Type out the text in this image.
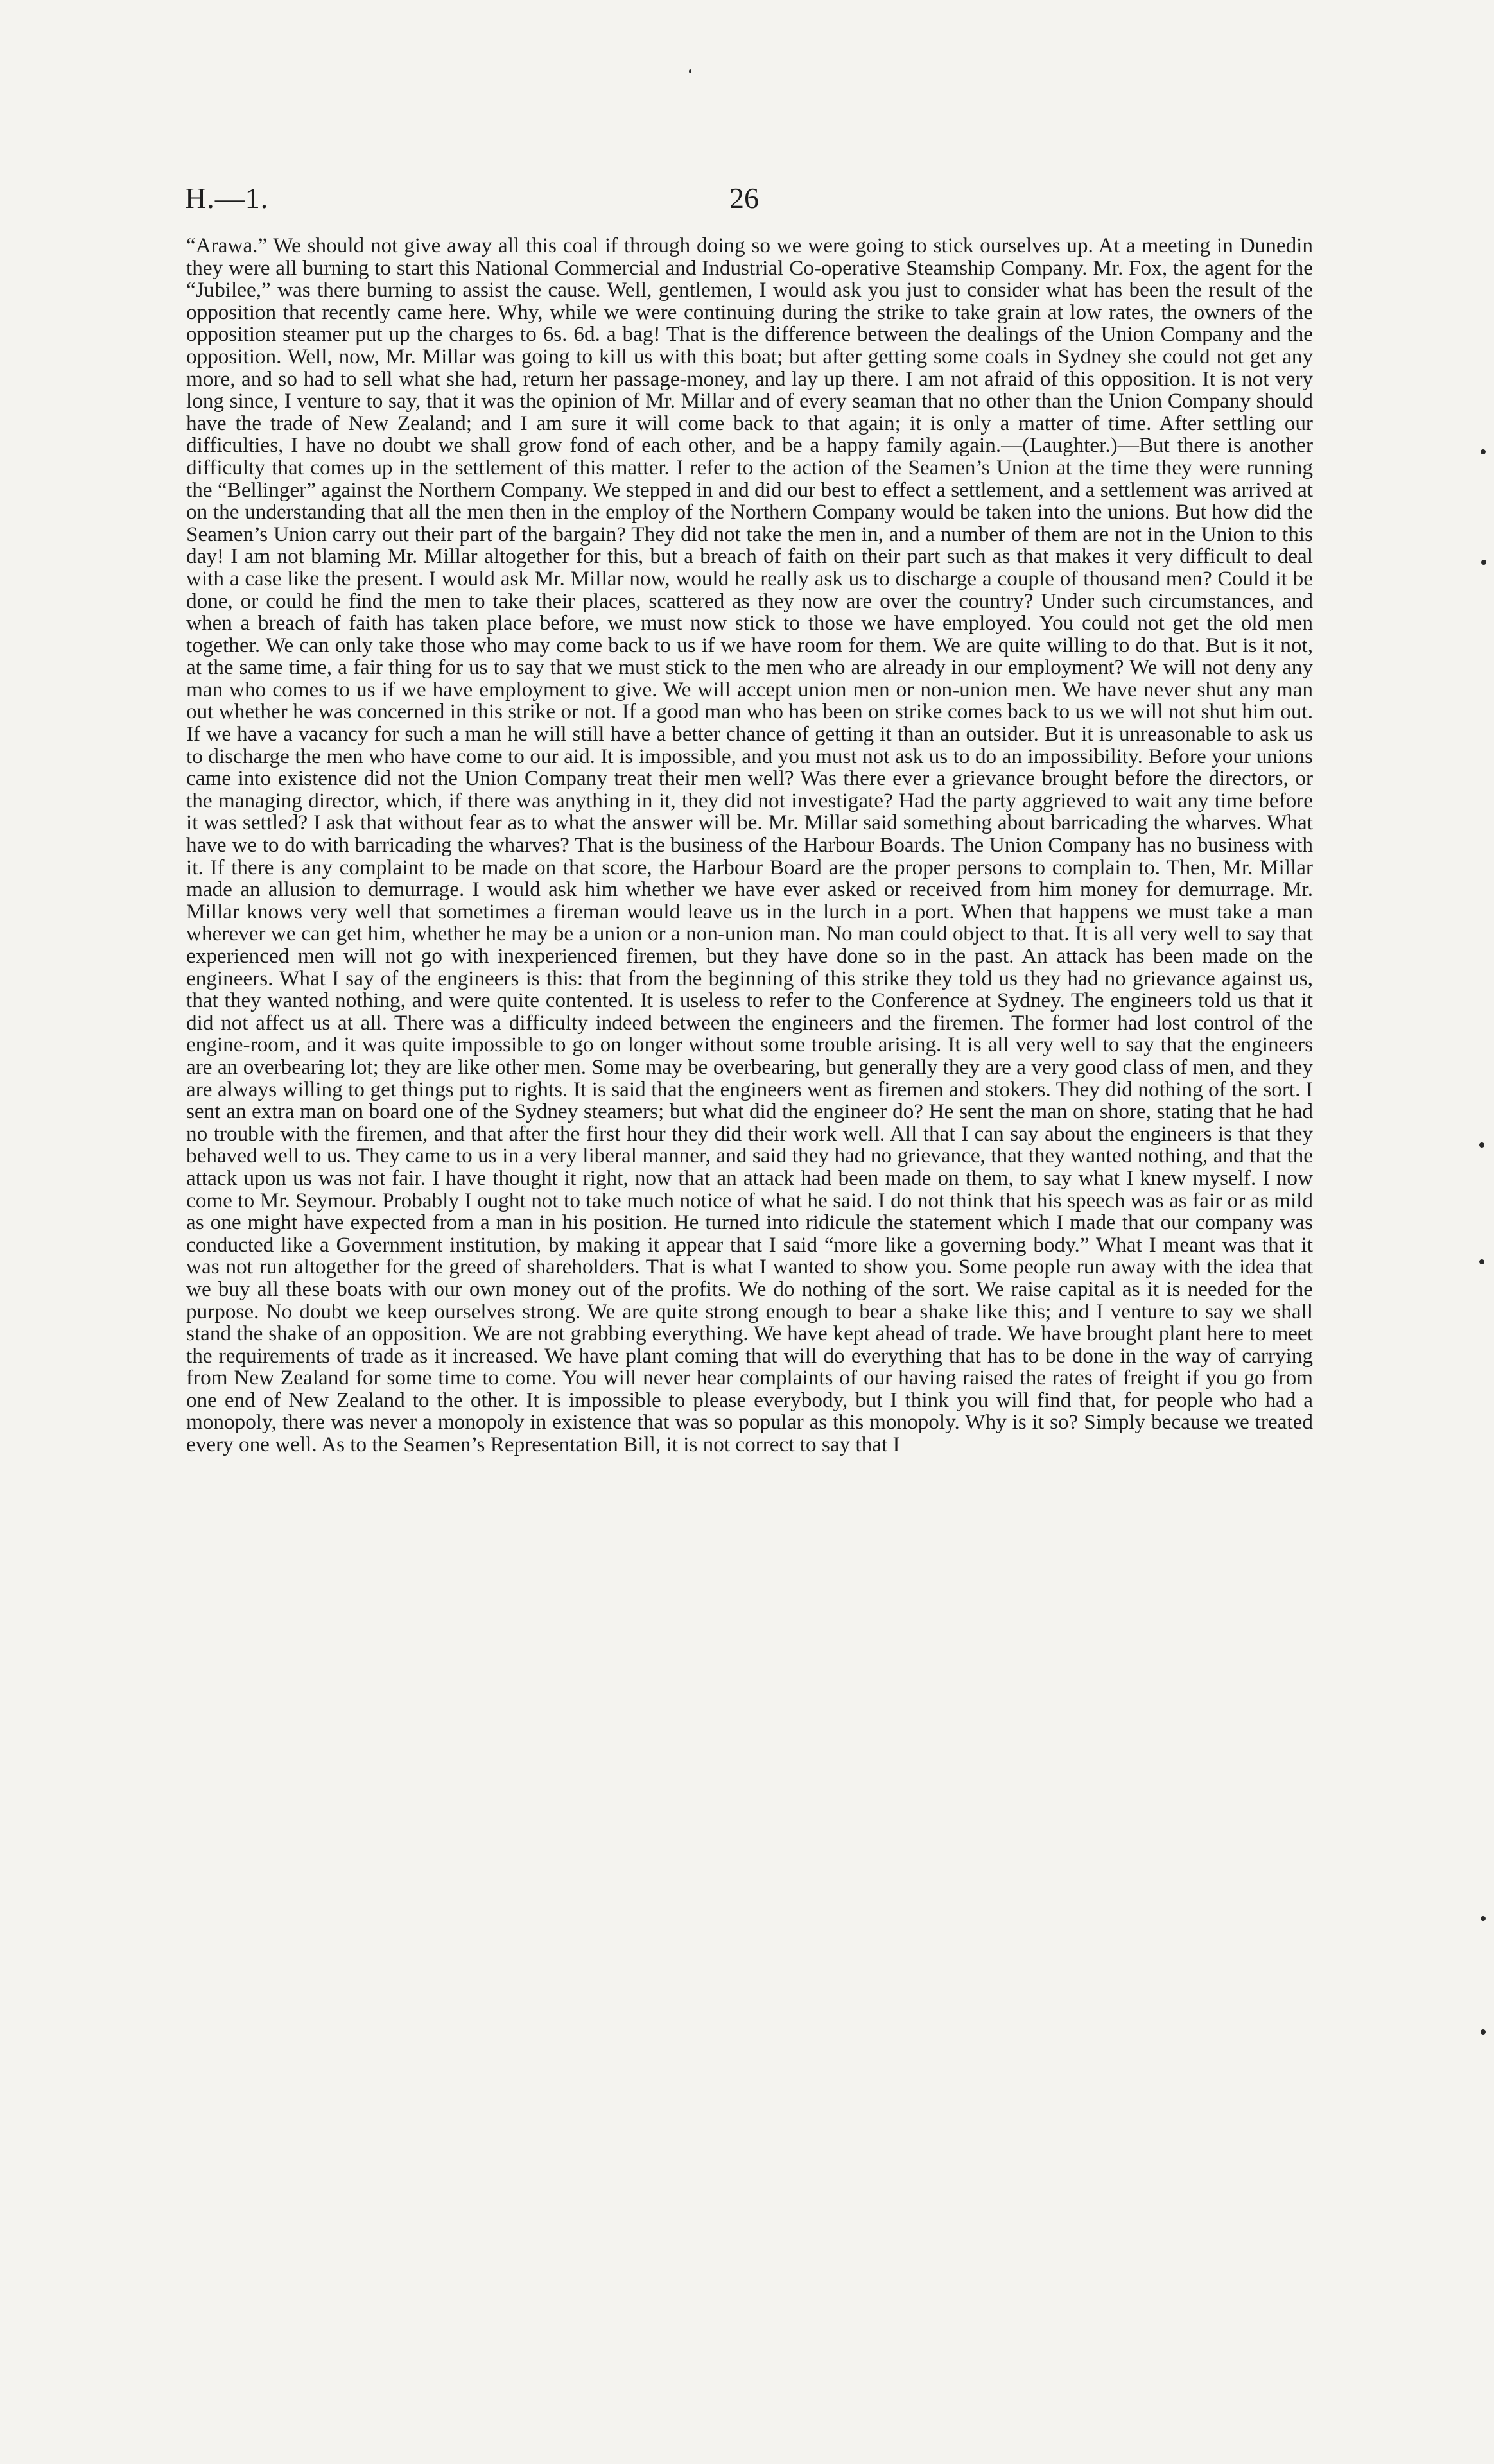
H.—1.	26

“Arawa.” We should not give away all this coal if through doing so we were going to stick ourselves up. At a meeting in Dunedin they were all burning to start this National Commercial and Industrial Co-operative Steamship Company. Mr. Fox, the agent for the “Jubilee,” was there burning to assist the cause. Well, gentlemen, I would ask you just to consider what has been the result of the opposition that recently came here. Why, while we were continuing during the strike to take grain at low rates, the owners of the opposition steamer put up the charges to 6s. 6d. a bag! That is the difference between the dealings of the Union Company and the opposition. Well, now, Mr. Millar was going to kill us with this boat; but after getting some coals in Sydney she could not get any more, and so had to sell what she had, return her passage-money, and lay up there. I am not afraid of this opposition. It is not very long since, I venture to say, that it was the opinion of Mr. Millar and of every seaman that no other than the Union Company should have the trade of New Zealand; and I am sure it will come back to that again; it is only a matter of time. After settling our difficulties, I have no doubt we shall grow fond of each other, and be a happy family again.—(Laughter.)—But there is another difficulty that comes up in the settlement of this matter. I refer to the action of the Seamen’s Union at the time they were running the “Bellinger” against the Northern Company. We stepped in and did our best to effect a settlement, and a settlement was arrived at on the understanding that all the men then in the employ of the Northern Company would be taken into the unions. But how did the Seamen’s Union carry out their part of the bargain? They did not take the men in, and a number of them are not in the Union to this day! I am not blaming Mr. Millar altogether for this, but a breach of faith on their part such as that makes it very difficult to deal with a case like the present. I would ask Mr. Millar now, would he really ask us to discharge a couple of thousand men? Could it be done, or could he find the men to take their places, scattered as they now are over the country? Under such circumstances, and when a breach of faith has taken place before, we must now stick to those we have employed. You could not get the old men together. We can only take those who may come back to us if we have room for them. We are quite willing to do that. But is it not, at the same time, a fair thing for us to say that we must stick to the men who are already in our employment? We will not deny any man who comes to us if we have employment to give. We will accept union men or non-union men. We have never shut any man out whether he was concerned in this strike or not. If a good man who has been on strike comes back to us we will not shut him out. If we have a vacancy for such a man he will still have a better chance of getting it than an outsider. But it is unreasonable to ask us to discharge the men who have come to our aid. It is impossible, and you must not ask us to do an impossibility. Before your unions came into existence did not the Union Company treat their men well? Was there ever a grievance brought before the directors, or the managing director, which, if there was anything in it, they did not investigate? Had the party aggrieved to wait any time before it was settled? I ask that without fear as to what the answer will be. Mr. Millar said something about barricading the wharves. What have we to do with barricading the wharves? That is the business of the Harbour Boards. The Union Company has no business with it. If there is any complaint to be made on that score, the Harbour Board are the proper persons to complain to. Then, Mr. Millar made an allusion to demurrage. I would ask him whether we have ever asked or received from him money for demurrage. Mr. Millar knows very well that sometimes a fireman would leave us in the lurch in a port. When that happens we must take a man wherever we can get him, whether he may be a union or a non-union man. No man could object to that. It is all very well to say that experienced men will not go with inexperienced firemen, but they have done so in the past. An attack has been made on the engineers. What I say of the engineers is this: that from the beginning of this strike they told us they had no grievance against us, that they wanted nothing, and were quite contented. It is useless to refer to the Conference at Sydney. The engineers told us that it did not affect us at all. There was a difficulty indeed between the engineers and the firemen. The former had lost control of the engine-room, and it was quite impossible to go on longer without some trouble arising. It is all very well to say that the engineers are an overbearing lot; they are like other men. Some may be overbearing, but generally they are a very good class of men, and they are always willing to get things put to rights. It is said that the engineers went as firemen and stokers. They did nothing of the sort. I sent an extra man on board one of the Sydney steamers; but what did the engineer do? He sent the man on shore, stating that he had no trouble with the firemen, and that after the first hour they did their work well. All that I can say about the engineers is that they behaved well to us. They came to us in a very liberal manner, and said they had no grievance, that they wanted nothing, and that the attack upon us was not fair. I have thought it right, now that an attack had been made on them, to say what I knew myself. I now come to Mr. Seymour. Probably I ought not to take much notice of what he said. I do not think that his speech was as fair or as mild as one might have expected from a man in his position. He turned into ridicule the statement which I made that our company was conducted like a Government institution, by making it appear that I said “more like a governing body.” What I meant was that it was not run altogether for the greed of shareholders. That is what I wanted to show you. Some people run away with the idea that we buy all these boats with our own money out of the profits. We do nothing of the sort. We raise capital as it is needed for the purpose. No doubt we keep ourselves strong. We are quite strong enough to bear a shake like this; and I venture to say we shall stand the shake of an opposition. We are not grabbing everything. We have kept ahead of trade. We have brought plant here to meet the requirements of trade as it increased. We have plant coming that will do everything that has to be done in the way of carrying from New Zealand for some time to come. You will never hear complaints of our having raised the rates of freight if you go from one end of New Zealand to the other. It is impossible to please everybody, but I think you will find that, for people who had a monopoly, there was never a monopoly in existence that was so popular as this monopoly. Why is it so? Simply because we treated every one well. As to the Seamen’s Representation Bill, it is not correct to say that I
